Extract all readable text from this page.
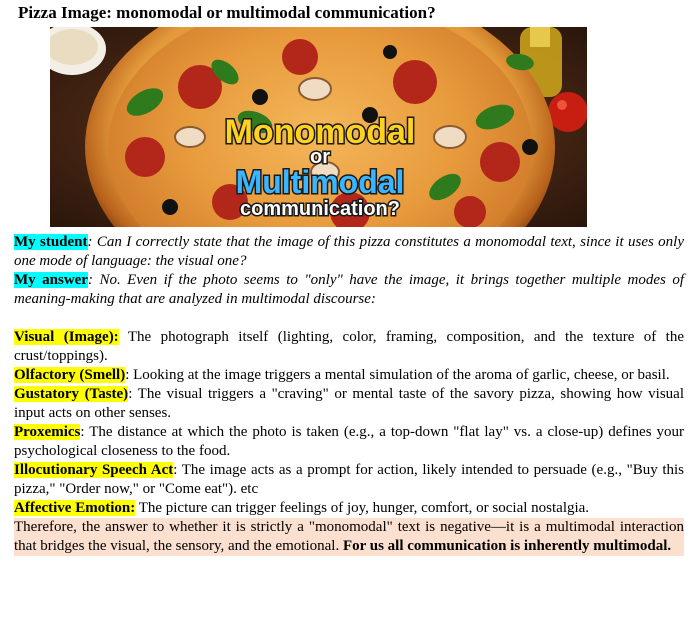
Pizza Image: monomodal or multimodal communication?
Monomodal
or
Multimodal
communication?

My student: Can I correctly state that the image of this pizza constitutes a monomodal text, since it uses only one mode of language: the visual one?

My answer: No. Even if the photo seems to "only" have the image, it brings together multiple modes of meaning-making that are analyzed in multimodal discourse:

Visual (Image): The photograph itself (lighting, color, framing, composition, and the texture of the crust/toppings).

Olfactory (Smell): Looking at the image triggers a mental simulation of the aroma of garlic, cheese, or basil.

Gustatory (Taste): The visual triggers a "craving" or mental taste of the savory pizza, showing how visual input acts on other senses.

Proxemics: The distance at which the photo is taken (e.g., a top-down "flat lay" vs. a close-up) defines your psychological closeness to the food.

Illocutionary Speech Act: The image acts as a prompt for action, likely intended to persuade (e.g., "Buy this pizza," "Order now," or "Come eat"). etc

Affective Emotion: The picture can trigger feelings of joy, hunger, comfort, or social nostalgia.

Therefore, the answer to whether it is strictly a "monomodal" text is negative—it is a multimodal interaction that bridges the visual, the sensory, and the emotional. For us all communication is inherently multimodal.
